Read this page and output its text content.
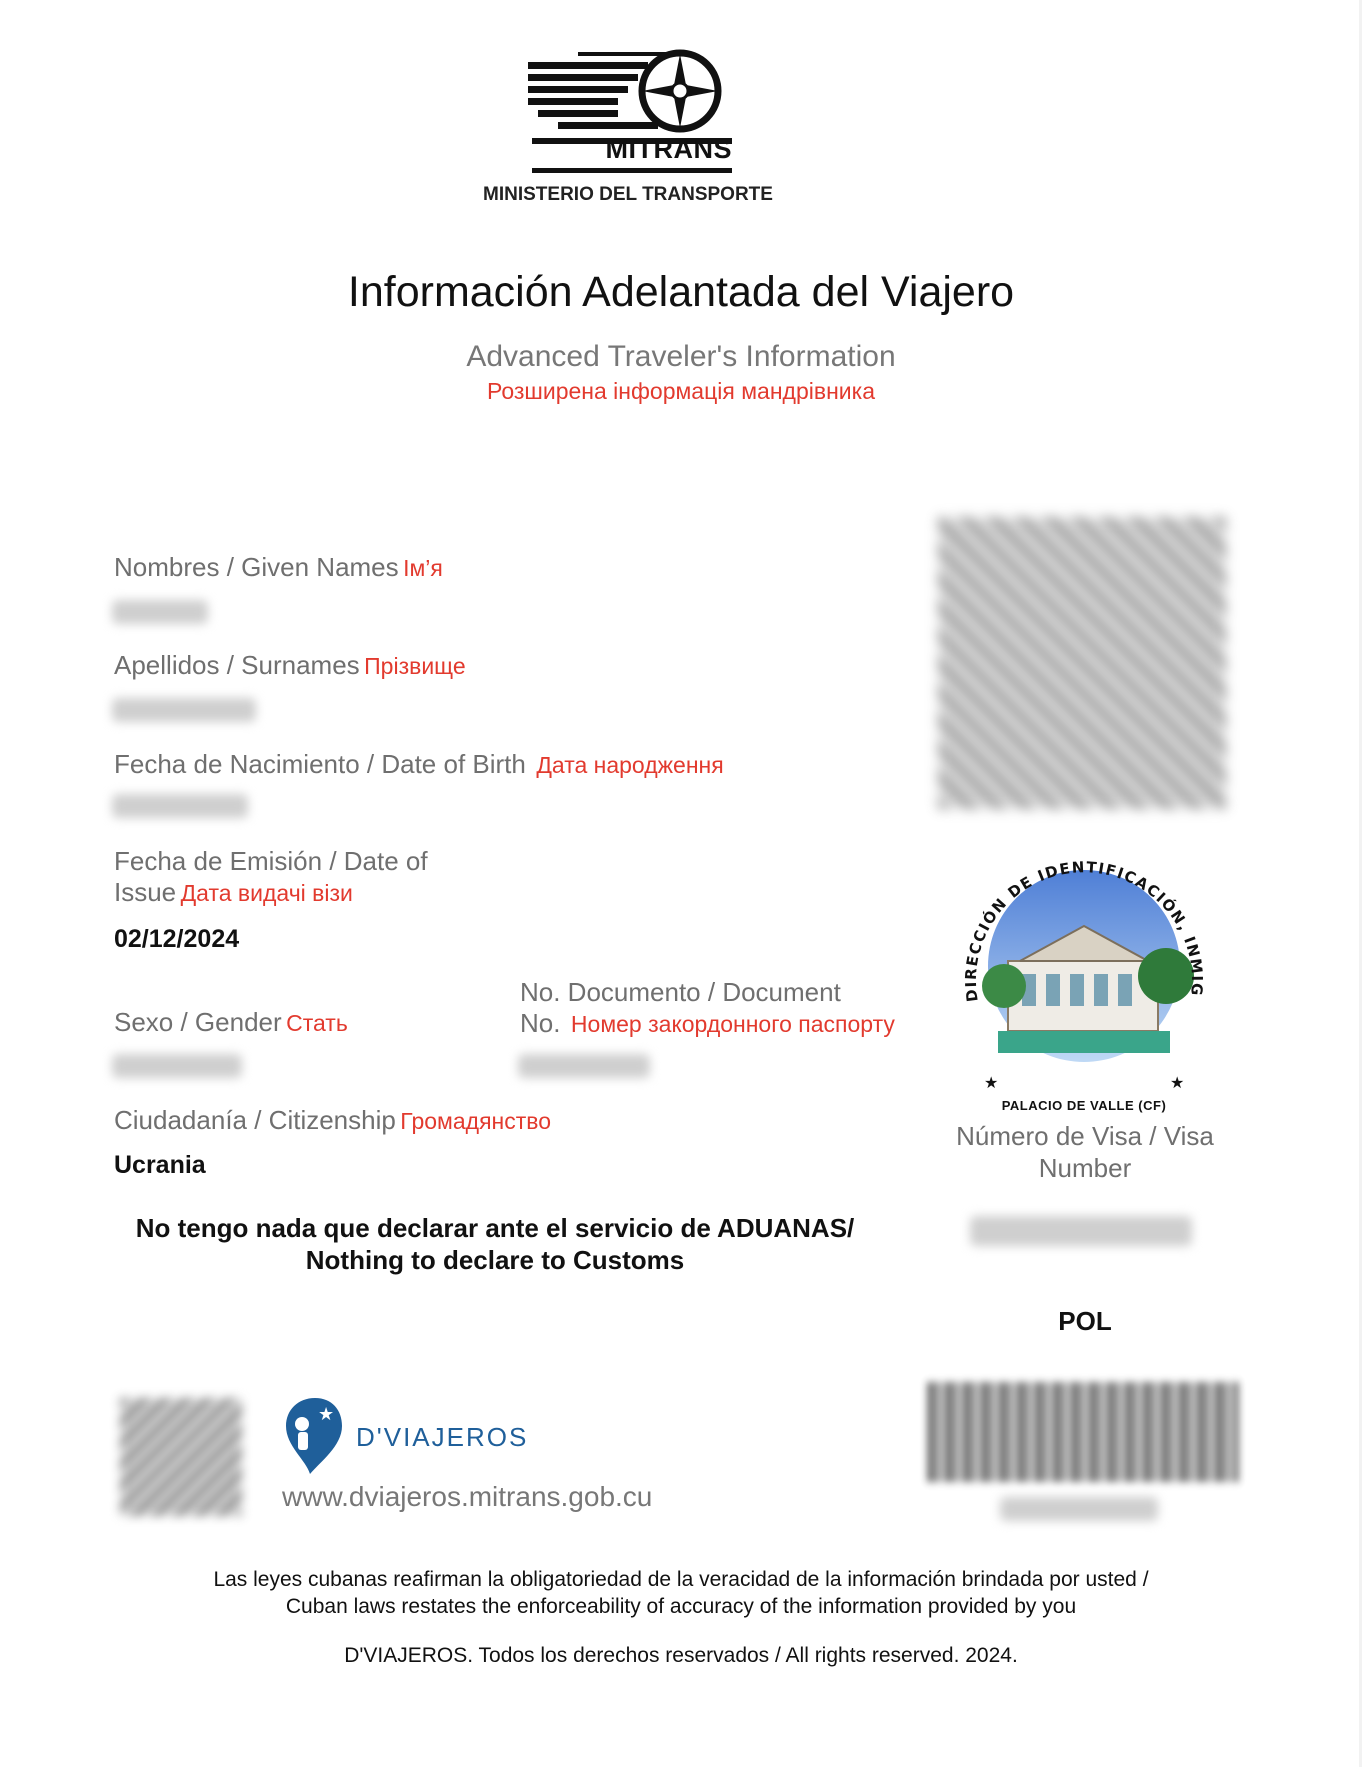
MITRANS
MINISTERIO DEL TRANSPORTE
Información Adelantada del Viajero
Advanced Traveler's Information
Розширена інформація мандрівника
Nombres / Given Names Ім’я
Apellidos / Surnames Прізвище
Fecha de Nacimiento / Date of Birth Дата народження
Fecha de Emisión / Date of
Issue Дата видачі візи
02/12/2024
No. Documento / Document
No. Номер закордонного паспорту
Sexo / Gender Стать
Ciudadanía / Citizenship Громадянство
Ucrania
No tengo nada que declarar ante el servicio de ADUANAS/
Nothing to declare to Customs
DIRECCIÓN DE IDENTIFICACIÓN, INMIG
★	★
PALACIO DE VALLE (CF)
Número de Visa / Visa
Number
POL
★
D'VIAJEROS
www.dviajeros.mitrans.gob.cu
Las leyes cubanas reafirman la obligatoriedad de la veracidad de la información brindada por usted /
Cuban laws restates the enforceability of accuracy of the information provided by you
D'VIAJEROS. Todos los derechos reservados / All rights reserved. 2024.
